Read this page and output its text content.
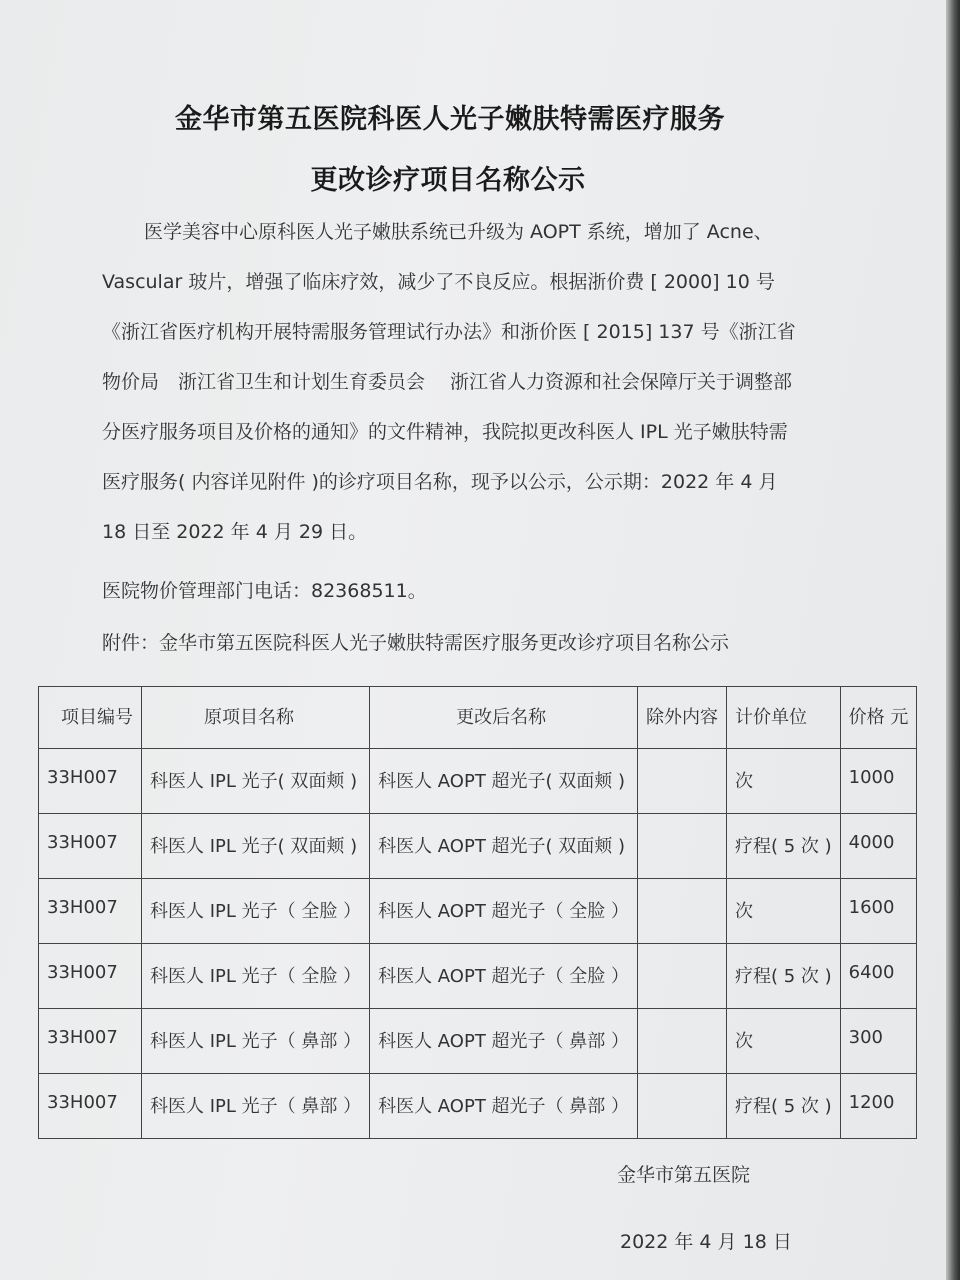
金华市第五医院科医人光子嫩肤特需医疗服务
更改诊疗项目名称公示
医学美容中心原科医人光子嫩肤系统已升级为 AOPT 系统，增加了 Acne、Vascular 玻片，增强了临床疗效，减少了不良反应。根据浙价费 [ 2000] 10 号《浙江省医疗机构开展特需服务管理试行办法》和浙价医 [ 2015] 137 号《浙江省物价局　浙江省卫生和计划生育委员会　 浙江省人力资源和社会保障厅关于调整部分医疗服务项目及价格的通知》的文件精神，我院拟更改科医人 IPL 光子嫩肤特需医疗服务( 内容详见附件 )的诊疗项目名称，现予以公示，公示期：2022 年 4 月 18 日至 2022 年 4 月 29 日。
医院物价管理部门电话：82368511。
附件：金华市第五医院科医人光子嫩肤特需医疗服务更改诊疗项目名称公示
项目编号	原项目名称	更改后名称	除外内容	计价单位	价格 元
33H007	科医人 IPL 光子( 双面颊 )	科医人 AOPT 超光子( 双面颊 )		次	1000
33H007	科医人 IPL 光子( 双面颊 )	科医人 AOPT 超光子( 双面颊 )		疗程( 5 次 )	4000
33H007	科医人 IPL 光子（ 全脸 ）	科医人 AOPT 超光子（ 全脸 ）		次	1600
33H007	科医人 IPL 光子（ 全脸 ）	科医人 AOPT 超光子（ 全脸 ）		疗程( 5 次 )	6400
33H007	科医人 IPL 光子（ 鼻部 ）	科医人 AOPT 超光子（ 鼻部 ）		次	300
33H007	科医人 IPL 光子（ 鼻部 ）	科医人 AOPT 超光子（ 鼻部 ）		疗程( 5 次 )	1200
金华市第五医院
2022 年 4 月 18 日
